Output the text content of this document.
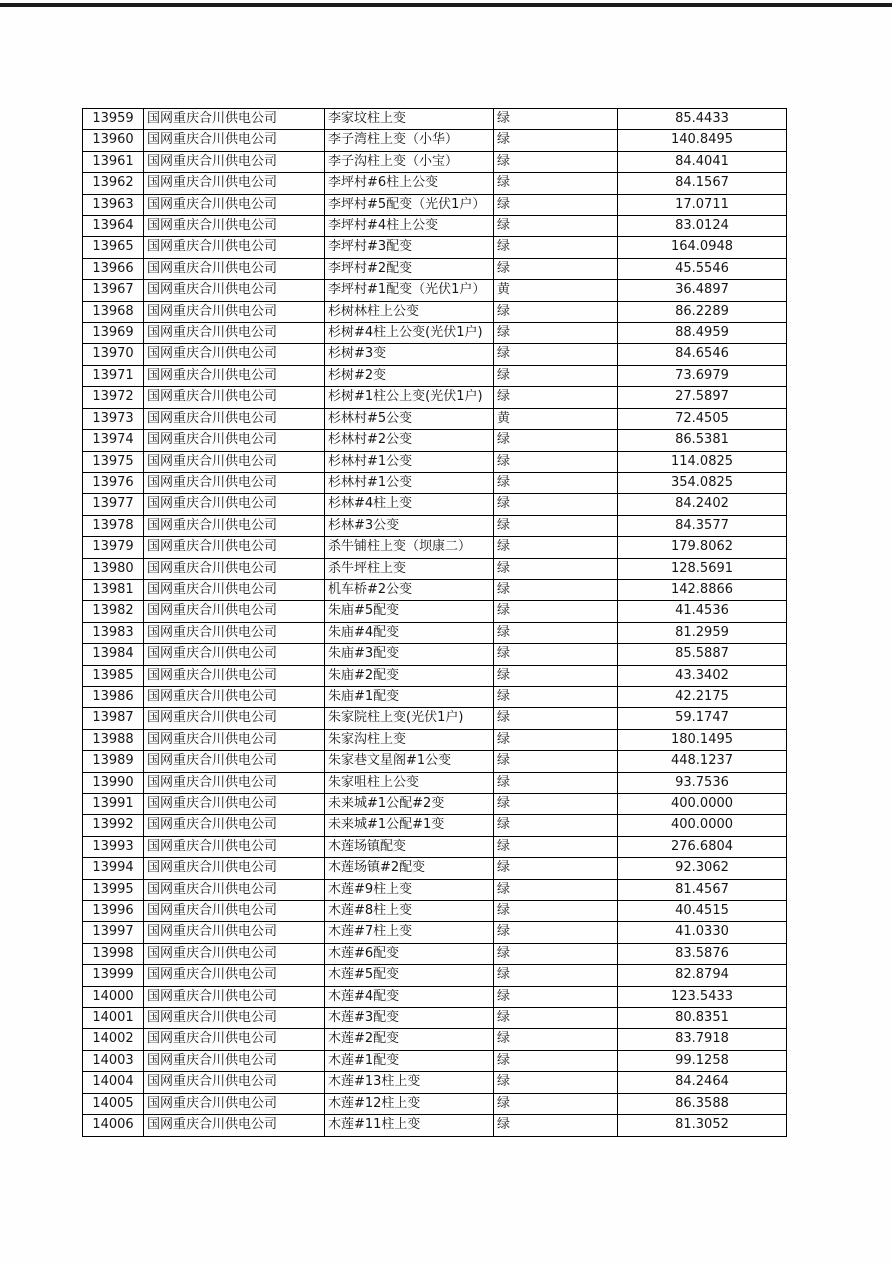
13959	国网重庆合川供电公司	李家坟柱上变	绿	85.4433
13960	国网重庆合川供电公司	李子湾柱上变（小华）	绿	140.8495
13961	国网重庆合川供电公司	李子沟柱上变（小宝）	绿	84.4041
13962	国网重庆合川供电公司	李坪村#6柱上公变	绿	84.1567
13963	国网重庆合川供电公司	李坪村#5配变（光伏1户）	绿	17.0711
13964	国网重庆合川供电公司	李坪村#4柱上公变	绿	83.0124
13965	国网重庆合川供电公司	李坪村#3配变	绿	164.0948
13966	国网重庆合川供电公司	李坪村#2配变	绿	45.5546
13967	国网重庆合川供电公司	李坪村#1配变（光伏1户）	黄	36.4897
13968	国网重庆合川供电公司	杉树林柱上公变	绿	86.2289
13969	国网重庆合川供电公司	杉树#4柱上公变(光伏1户)	绿	88.4959
13970	国网重庆合川供电公司	杉树#3变	绿	84.6546
13971	国网重庆合川供电公司	杉树#2变	绿	73.6979
13972	国网重庆合川供电公司	杉树#1柱公上变(光伏1户)	绿	27.5897
13973	国网重庆合川供电公司	杉林村#5公变	黄	72.4505
13974	国网重庆合川供电公司	杉林村#2公变	绿	86.5381
13975	国网重庆合川供电公司	杉林村#1公变	绿	114.0825
13976	国网重庆合川供电公司	杉林村#1公变	绿	354.0825
13977	国网重庆合川供电公司	杉林#4柱上变	绿	84.2402
13978	国网重庆合川供电公司	杉林#3公变	绿	84.3577
13979	国网重庆合川供电公司	杀牛铺柱上变（坝康二）	绿	179.8062
13980	国网重庆合川供电公司	杀牛坪柱上变	绿	128.5691
13981	国网重庆合川供电公司	机车桥#2公变	绿	142.8866
13982	国网重庆合川供电公司	朱庙#5配变	绿	41.4536
13983	国网重庆合川供电公司	朱庙#4配变	绿	81.2959
13984	国网重庆合川供电公司	朱庙#3配变	绿	85.5887
13985	国网重庆合川供电公司	朱庙#2配变	绿	43.3402
13986	国网重庆合川供电公司	朱庙#1配变	绿	42.2175
13987	国网重庆合川供电公司	朱家院柱上变(光伏1户)	绿	59.1747
13988	国网重庆合川供电公司	朱家沟柱上变	绿	180.1495
13989	国网重庆合川供电公司	朱家巷文星阁#1公变	绿	448.1237
13990	国网重庆合川供电公司	朱家咀柱上公变	绿	93.7536
13991	国网重庆合川供电公司	未来城#1公配#2变	绿	400.0000
13992	国网重庆合川供电公司	未来城#1公配#1变	绿	400.0000
13993	国网重庆合川供电公司	木莲场镇配变	绿	276.6804
13994	国网重庆合川供电公司	木莲场镇#2配变	绿	92.3062
13995	国网重庆合川供电公司	木莲#9柱上变	绿	81.4567
13996	国网重庆合川供电公司	木莲#8柱上变	绿	40.4515
13997	国网重庆合川供电公司	木莲#7柱上变	绿	41.0330
13998	国网重庆合川供电公司	木莲#6配变	绿	83.5876
13999	国网重庆合川供电公司	木莲#5配变	绿	82.8794
14000	国网重庆合川供电公司	木莲#4配变	绿	123.5433
14001	国网重庆合川供电公司	木莲#3配变	绿	80.8351
14002	国网重庆合川供电公司	木莲#2配变	绿	83.7918
14003	国网重庆合川供电公司	木莲#1配变	绿	99.1258
14004	国网重庆合川供电公司	木莲#13柱上变	绿	84.2464
14005	国网重庆合川供电公司	木莲#12柱上变	绿	86.3588
14006	国网重庆合川供电公司	木莲#11柱上变	绿	81.3052
